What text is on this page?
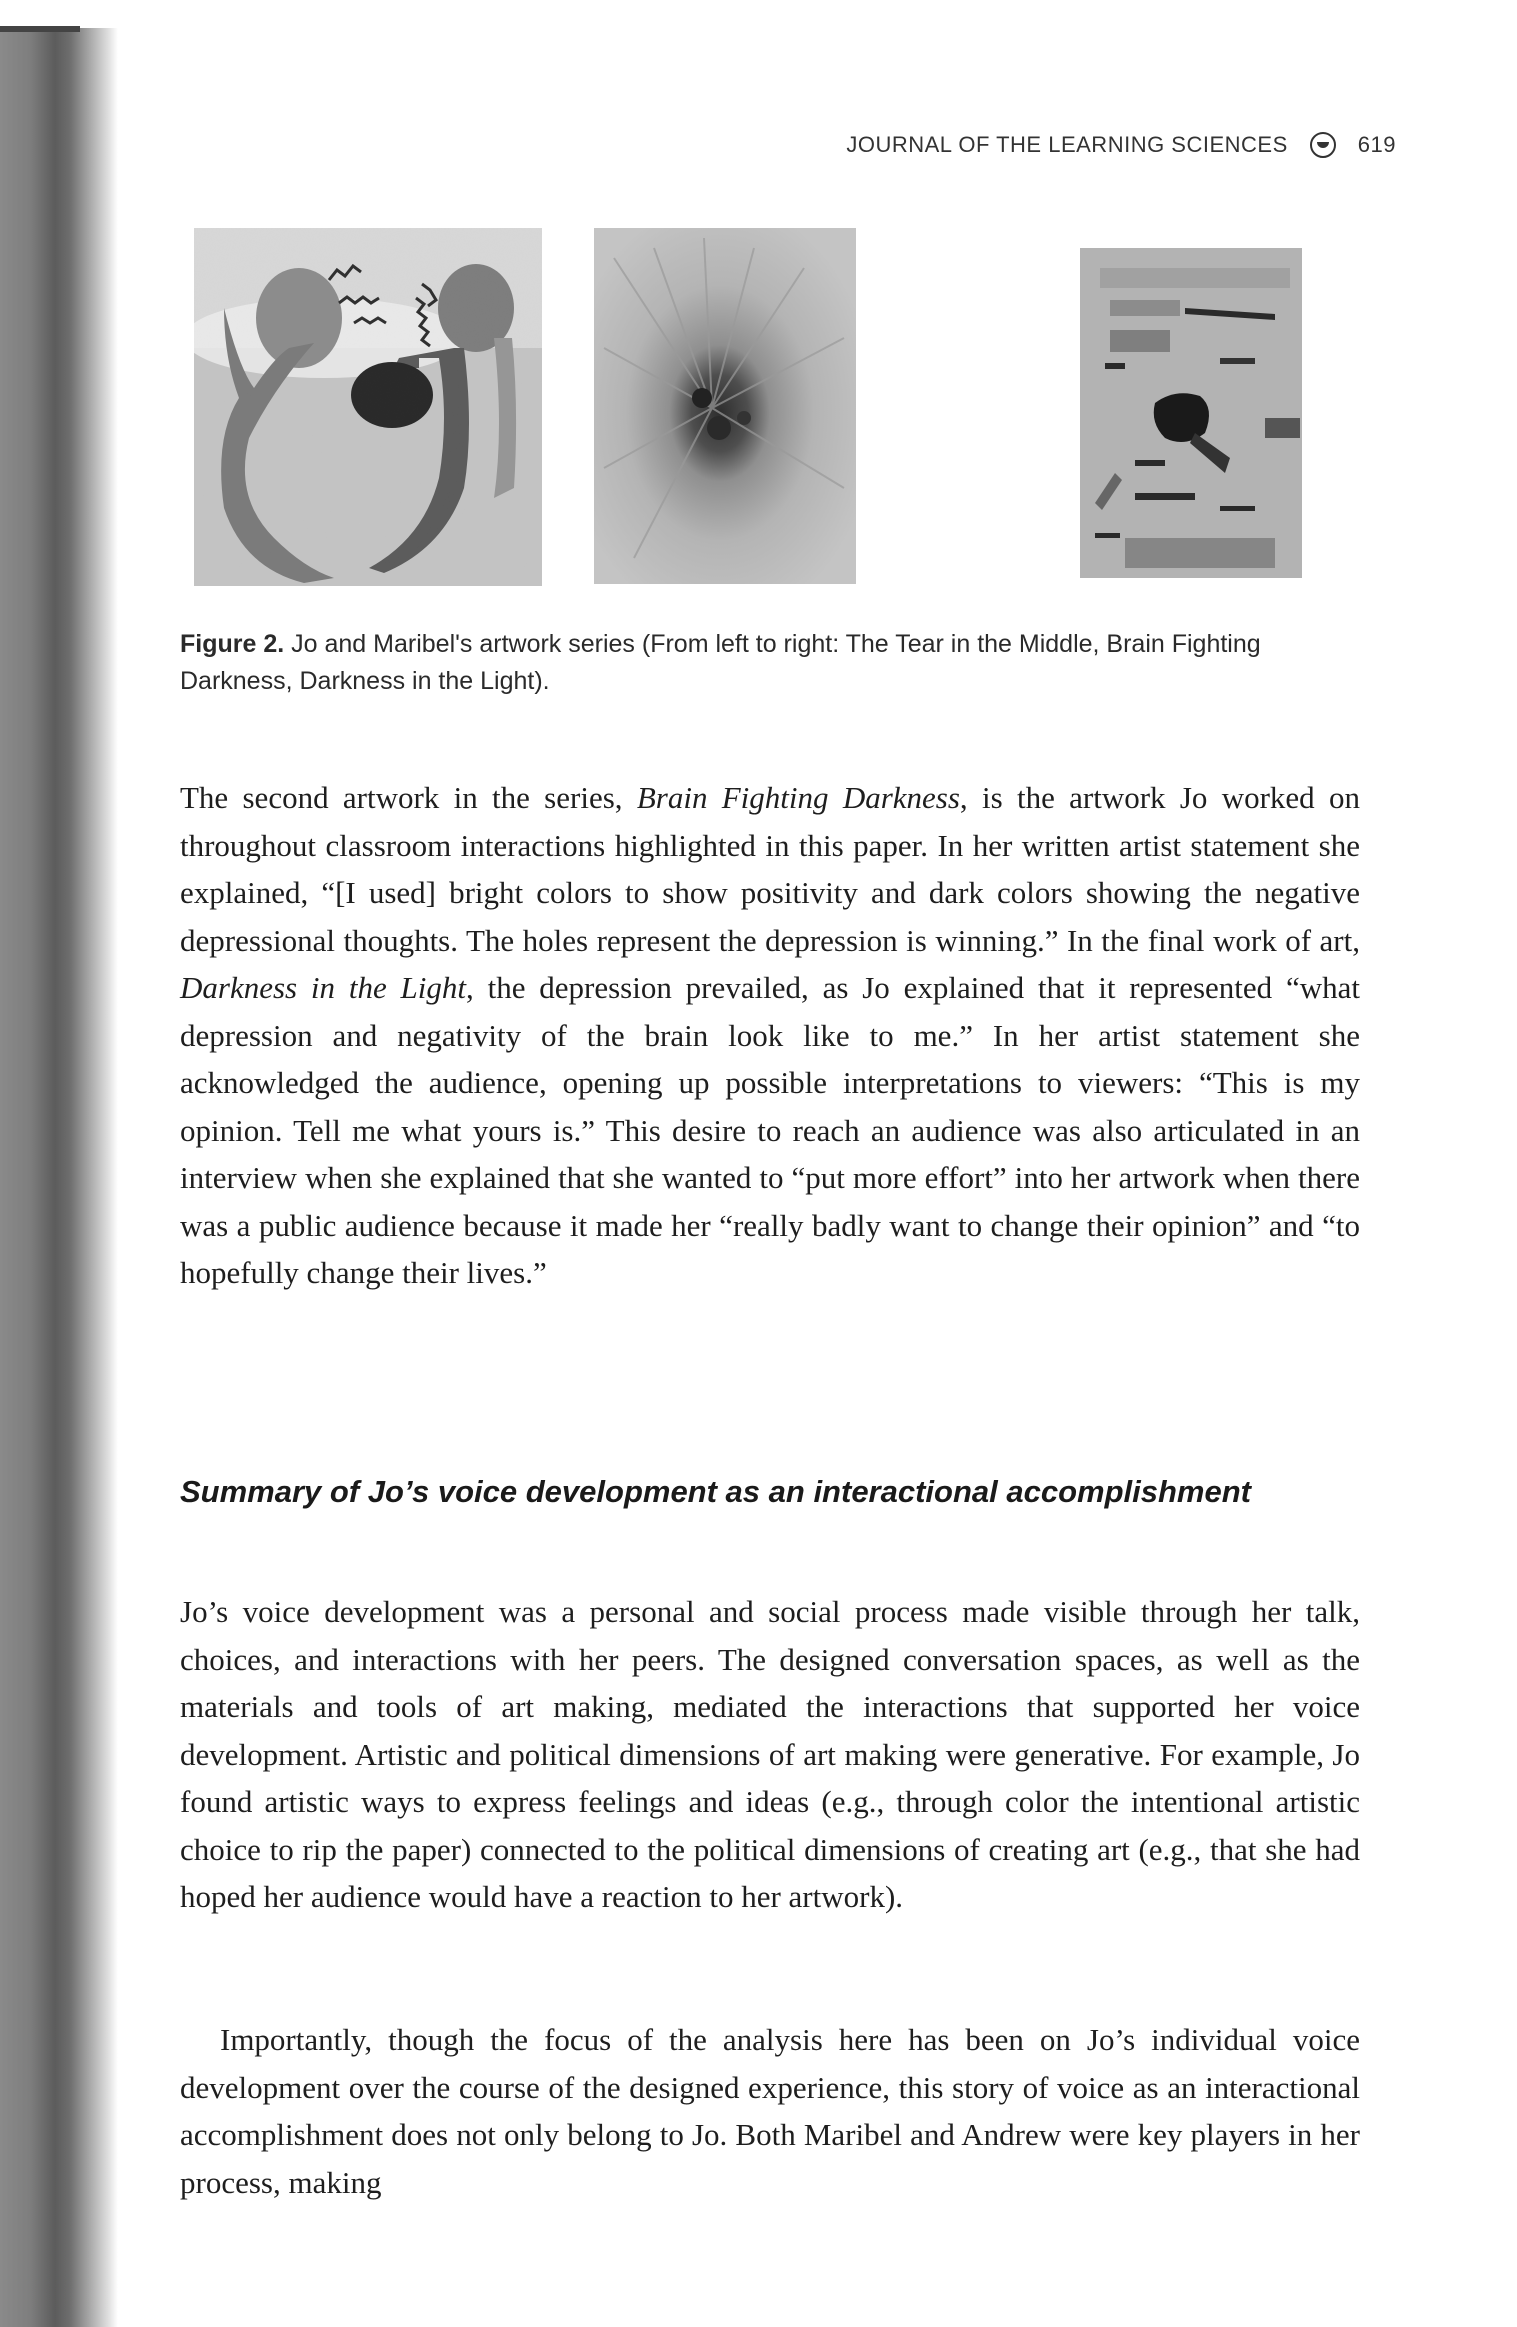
JOURNAL OF THE LEARNING SCIENCES	619
Figure 2. Jo and Maribel's artwork series (From left to right: The Tear in the Middle, Brain Fighting Darkness, Darkness in the Light).
The second artwork in the series, Brain Fighting Darkness, is the artwork Jo worked on throughout classroom interactions highlighted in this paper. In her written artist statement she explained, “[I used] bright colors to show positivity and dark colors showing the negative depressional thoughts. The holes represent the depression is winning.” In the final work of art, Darkness in the Light, the depression prevailed, as Jo explained that it represented “what depression and negativity of the brain look like to me.” In her artist statement she acknowledged the audience, opening up possible interpretations to viewers: “This is my opinion. Tell me what yours is.” This desire to reach an audience was also articulated in an interview when she explained that she wanted to “put more effort” into her artwork when there was a public audience because it made her “really badly want to change their opinion” and “to hopefully change their lives.”
Summary of Jo’s voice development as an interactional accomplishment
Jo’s voice development was a personal and social process made visible through her talk, choices, and interactions with her peers. The designed conversation spaces, as well as the materials and tools of art making, mediated the interactions that supported her voice development. Artistic and political dimensions of art making were generative. For example, Jo found artistic ways to express feelings and ideas (e.g., through color the intentional artistic choice to rip the paper) connected to the political dimensions of creating art (e.g., that she had hoped her audience would have a reaction to her artwork).
Importantly, though the focus of the analysis here has been on Jo’s individual voice development over the course of the designed experience, this story of voice as an interactional accomplishment does not only belong to Jo. Both Maribel and Andrew were key players in her process, making
